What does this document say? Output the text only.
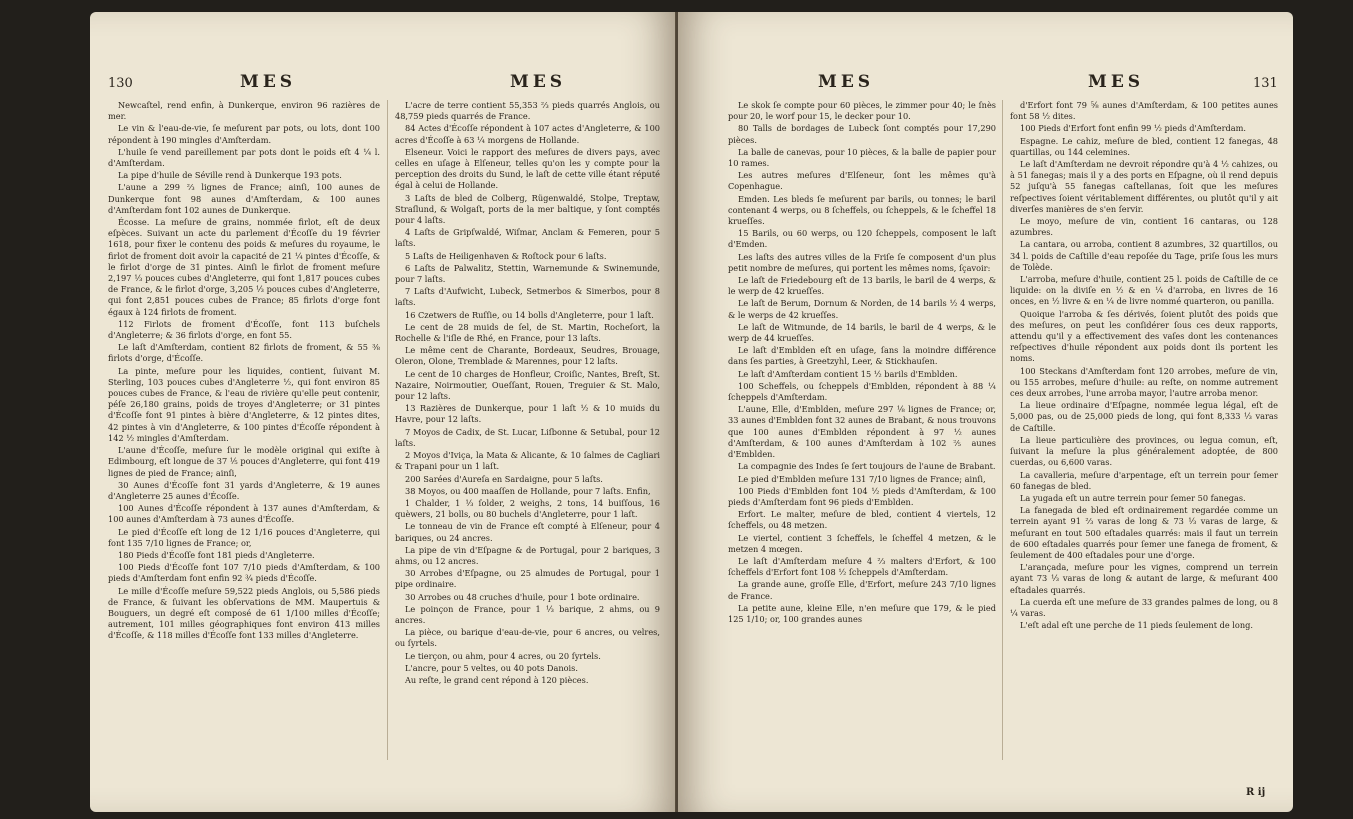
130	MES	MES

Newcaſtel, rend enfin, à Dunkerque, environ 96 razières de mer.

Le vin & l'eau-de-vie, ſe meſurent par pots, ou lots, dont 100 répondent à 190 mingles d'Amſterdam.

L'huile ſe vend pareillement par pots dont le poids eſt 4 ¼ l. d'Amſterdam.

La pipe d'huile de Séville rend à Dunkerque 193 pots.

L'aune a 299 ⅔ lignes de France; ainſi, 100 aunes de Dunkerque font 98 aunes d'Amſterdam, & 100 aunes d'Amſterdam font 102 aunes de Dunkerque.

Écosse. La meſure de grains, nommée firlot, eſt de deux eſpèces. Suivant un acte du parlement d'Écoſſe du 19 février 1618, pour fixer le contenu des poids & meſures du royaume, le firlot de froment doit avoir la capacité de 21 ¼ pintes d'Écoſſe, & le firlot d'orge de 31 pintes. Ainſi le firlot de froment meſure 2,197 ⅓ pouces cubes d'Angleterre, qui font 1,817 pouces cubes de France, & le firlot d'orge, 3,205 ⅓ pouces cubes d'Angleterre, qui font 2,851 pouces cubes de France; 85 firlots d'orge font égaux à 124 firlots de froment.

112 Firlots de froment d'Écoſſe, font 113 buſchels d'Angleterre; & 36 firlots d'orge, en font 55.

Le laſt d'Amſterdam, contient 82 firlots de froment, & 55 ⅜ firlots d'orge, d'Écoſſe.

La pinte, meſure pour les liquides, contient, ſuivant M. Sterling, 103 pouces cubes d'Angleterre ½, qui font environ 85 pouces cubes de France, & l'eau de rivière qu'elle peut contenir, péſe 26,180 grains, poids de troyes d'Angleterre; or 31 pintes d'Écoſſe font 91 pintes à bière d'Angleterre, & 12 pintes dites, 42 pintes à vin d'Angleterre, & 100 pintes d'Écoſſe répondent à 142 ½ mingles d'Amſterdam.

L'aune d'Écoſſe, meſure ſur le modèle original qui exiſte à Edimbourg, eſt longue de 37 ⅕ pouces d'Angleterre, qui font 419 lignes de pied de France; ainſi,

30 Aunes d'Écoſſe font 31 yards d'Angleterre, & 19 aunes d'Angleterre 25 aunes d'Écoſſe.

100 Aunes d'Écoſſe répondent à 137 aunes d'Amſterdam, & 100 aunes d'Amſterdam à 73 aunes d'Écoſſe.

Le pied d'Écoſſe eſt long de 12 1/16 pouces d'Angleterre, qui font 135 7/10 lignes de France; or,

180 Pieds d'Écoſſe font 181 pieds d'Angleterre.

100 Pieds d'Écoſſe font 107 7/10 pieds d'Amſterdam, & 100 pieds d'Amſterdam font enfin 92 ¾ pieds d'Écoſſe.

Le mille d'Écoſſe meſure 59,522 pieds Anglois, ou 5,586 pieds de France, & ſuivant les obſervations de MM. Maupertuis & Bouguers, un degré eſt composé de 61 1/100 milles d'Écoſſe; autrement, 101 milles géographiques font environ 413 milles d'Écoſſe, & 118 milles d'Écoſſe font 133 milles d'Angleterre.

L'acre de terre contient 55,353 ⅔ pieds quarrés Anglois, ou 48,759 pieds quarrés de France.

84 Actes d'Écoſſe répondent à 107 actes d'Angleterre, & 100 acres d'Écoſſe à 63 ¼ morgens de Hollande.

Elseneur. Voici le rapport des meſures de divers pays, avec celles en uſage à Elſeneur, telles qu'on les y compte pour la perception des droits du Sund, le laſt de cette ville étant réputé égal à celui de Hollande.

3 Laſts de bled de Colberg, Rügenwaldé, Stolpe, Treptaw, Straſlund, & Wolgaſt, ports de la mer baltique, y ſont comptés pour 4 laſts.

4 Laſts de Gripſwaldé, Wiſmar, Anclam & Femeren, pour 5 laſts.

5 Laſts de Heiligenhaven & Roſtock pour 6 laſts.

6 Laſts de Palwalitz, Stettin, Warnemunde & Swinemunde, pour 7 laſts.

7 Laſts d'Aufwicht, Lubeck, Setmerbos & Simerbos, pour 8 laſts.

16 Czetwers de Ruſſie, ou 14 bolls d'Angleterre, pour 1 laſt.

Le cent de 28 muids de ſel, de St. Martin, Rocheſort, la Rochelle & l'iſle de Rhé, en France, pour 13 laſts.

Le même cent de Charante, Bordeaux, Seudres, Brouage, Oleron, Olone, Tremblade & Marennes, pour 12 laſts.

Le cent de 10 charges de Honfleur, Croiſic, Nantes, Breſt, St. Nazaire, Noirmoutier, Oueſſant, Rouen, Treguier & St. Malo, pour 12 laſts.

13 Razières de Dunkerque, pour 1 laſt ½ & 10 muids du Havre, pour 12 laſts.

7 Moyos de Cadix, de St. Lucar, Liſbonne & Setubal, pour 12 laſts.

2 Moyos d'Iviça, la Mata & Alicante, & 10 ſalmes de Cagliari & Trapani pour un 1 laſt.

200 Sarées d'Aureſa en Sardaigne, pour 5 laſts.

38 Moyos, ou 400 maaſſen de Hollande, pour 7 laſts. Enfin,

1 Chalder, 1 ⅓ ſolder, 2 weighs, 2 tons, 14 buiſſous, 16 quèwers, 21 bolls, ou 80 buchels d'Angleterre, pour 1 laſt.

Le tonneau de vin de France eſt compté à Elſeneur, pour 4 bariques, ou 24 ancres.

La pipe de vin d'Eſpagne & de Portugal, pour 2 bariques, 3 ahms, ou 12 ancres.

30 Arrobes d'Eſpagne, ou 25 almudes de Portugal, pour 1 pipe ordinaire.

30 Arrobes ou 48 cruches d'huile, pour 1 bote ordinaire.

Le poinçon de France, pour 1 ⅓ barique, 2 ahms, ou 9 ancres.

La pièce, ou barique d'eau-de-vie, pour 6 ancres, ou velres, ou ſyrtels.

Le tierçon, ou ahm, pour 4 acres, ou 20 ſyrtels.

L'ancre, pour 5 veltes, ou 40 pots Danois.

Au reſte, le grand cent répond à 120 pièces.

MES	MES	131

Le skok ſe compte pour 60 pièces, le zimmer pour 40; le ſnès pour 20, le worf pour 15, le decker pour 10.

80 Talls de bordages de Lubeck ſont comptés pour 17,290 pièces.

La balle de canevas, pour 10 pièces, & la balle de papier pour 10 rames.

Les autres meſures d'Elſeneur, ſont les mêmes qu'à Copenhague.

Emden. Les bleds ſe meſurent par barils, ou tonnes; le baril contenant 4 werps, ou 8 ſcheffels, ou ſcheppels, & le ſcheffel 18 krueſſes.

15 Barils, ou 60 werps, ou 120 ſcheppels, composent le laſt d'Emden.

Les laſts des autres villes de la Friſe ſe composent d'un plus petit nombre de meſures, qui portent les mêmes noms, ſçavoir:

Le laſt de Friedebourg eſt de 13 barils, le baril de 4 werps, & le werp de 42 krueſſes.

Le laſt de Berum, Dornum & Norden, de 14 barils ½ 4 werps, & le werps de 42 krueſſes.

Le laſt de Witmunde, de 14 barils, le baril de 4 werps, & le werp de 44 krueſſes.

Le laſt d'Emblden eſt en uſage, ſans la moindre différence dans ſes parties, à Greetzyhl, Leer, & Stickhauſen.

Le laſt d'Amſterdam contient 15 ½ barils d'Emblden.

100 Scheffels, ou ſcheppels d'Emblden, répondent à 88 ¼ ſcheppels d'Amſterdam.

L'aune, Elle, d'Emblden, meſure 297 ⅛ lignes de France; or, 33 aunes d'Emblden font 32 aunes de Brabant, & nous trouvons que 100 aunes d'Emblden répondent à 97 ½ aunes d'Amſterdam, & 100 aunes d'Amſterdam à 102 ⅖ aunes d'Emblden.

La compagnie des Indes ſe ſert toujours de l'aune de Brabant.

Le pied d'Emblden meſure 131 7/10 lignes de France; ainſi,

100 Pieds d'Emblden font 104 ½ pieds d'Amſterdam, & 100 pieds d'Amſterdam font 96 pieds d'Emblden.

Erfort. Le malter, meſure de bled, contient 4 viertels, 12 ſcheffels, ou 48 metzen.

Le viertel, contient 3 ſcheffels, le ſcheffel 4 metzen, & le metzen 4 mœgen.

Le laſt d'Amſterdam meſure 4 ⅔ malters d'Erfort, & 100 ſcheffels d'Erfort font 108 ½ ſcheppels d'Amſterdam.

La grande aune, groſſe Elle, d'Erfort, meſure 243 7/10 lignes de France.

La petite aune, kleine Elle, n'en meſure que 179, & le pied 125 1/10; or, 100 grandes aunes

d'Erfort font 79 ⅝ aunes d'Amſterdam, & 100 petites aunes font 58 ½ dites.

100 Pieds d'Erfort font enfin 99 ½ pieds d'Amſterdam.

Espagne. Le cahiz, meſure de bled, contient 12 fanegas, 48 quartillas, ou 144 celemines.

Le laſt d'Amſterdam ne devroit répondre qu'à 4 ½ cahizes, ou à 51 fanegas; mais il y a des ports en Eſpagne, où il rend depuis 52 juſqu'à 55 fanegas caſtellanas, ſoit que les meſures reſpectives ſoient véritablement différentes, ou plutôt qu'il y ait diverſes manières de s'en ſervir.

Le moyo, meſure de vin, contient 16 cantaras, ou 128 azumbres.

La cantara, ou arroba, contient 8 azumbres, 32 quartillos, ou 34 l. poids de Caſtille d'eau repoſée du Tage, priſe ſous les murs de Tolède.

L'arroba, meſure d'huile, contient 25 l. poids de Caſtille de ce liquide: on la diviſe en ½ & en ¼ d'arroba, en livres de 16 onces, en ½ livre & en ¼ de livre nommé quarteron, ou panilla.

Quoique l'arroba & ſes dérivés, ſoient plutôt des poids que des meſures, on peut les conſidérer ſous ces deux rapports, attendu qu'il y a effectivement des vaſes dont les contenances reſpectives d'huile répondent aux poids dont ils portent les noms.

100 Steckans d'Amſterdam font 120 arrobes, meſure de vin, ou 155 arrobes, meſure d'huile: au reſte, on nomme autrement ces deux arrobes, l'une arroba mayor, l'autre arroba menor.

La lieue ordinaire d'Eſpagne, nommée legua légal, eſt de 5,000 pas, ou de 25,000 pieds de long, qui font 8,333 ⅓ varas de Caſtille.

La lieue particulière des provinces, ou legua comun, eſt, ſuivant la meſure la plus généralement adoptée, de 800 cuerdas, ou 6,600 varas.

La cavalleria, meſure d'arpentage, eſt un terrein pour ſemer 60 fanegas de bled.

La yugada eſt un autre terrein pour ſemer 50 fanegas.

La fanegada de bled eſt ordinairement regardée comme un terrein ayant 91 ⅔ varas de long & 73 ⅓ varas de large, & meſurant en tout 500 eſtadales quarrés: mais il faut un terrein de 600 eſtadales quarrés pour ſemer une fanega de froment, & ſeulement de 400 eſtadales pour une d'orge.

L'arançada, meſure pour les vignes, comprend un terrein ayant 73 ⅓ varas de long & autant de large, & meſurant 400 eſtadales quarrés.

La cuerda eſt une meſure de 33 grandes palmes de long, ou 8 ¼ varas.

L'eſt adal eſt une perche de 11 pieds ſeulement de long.

R ij
